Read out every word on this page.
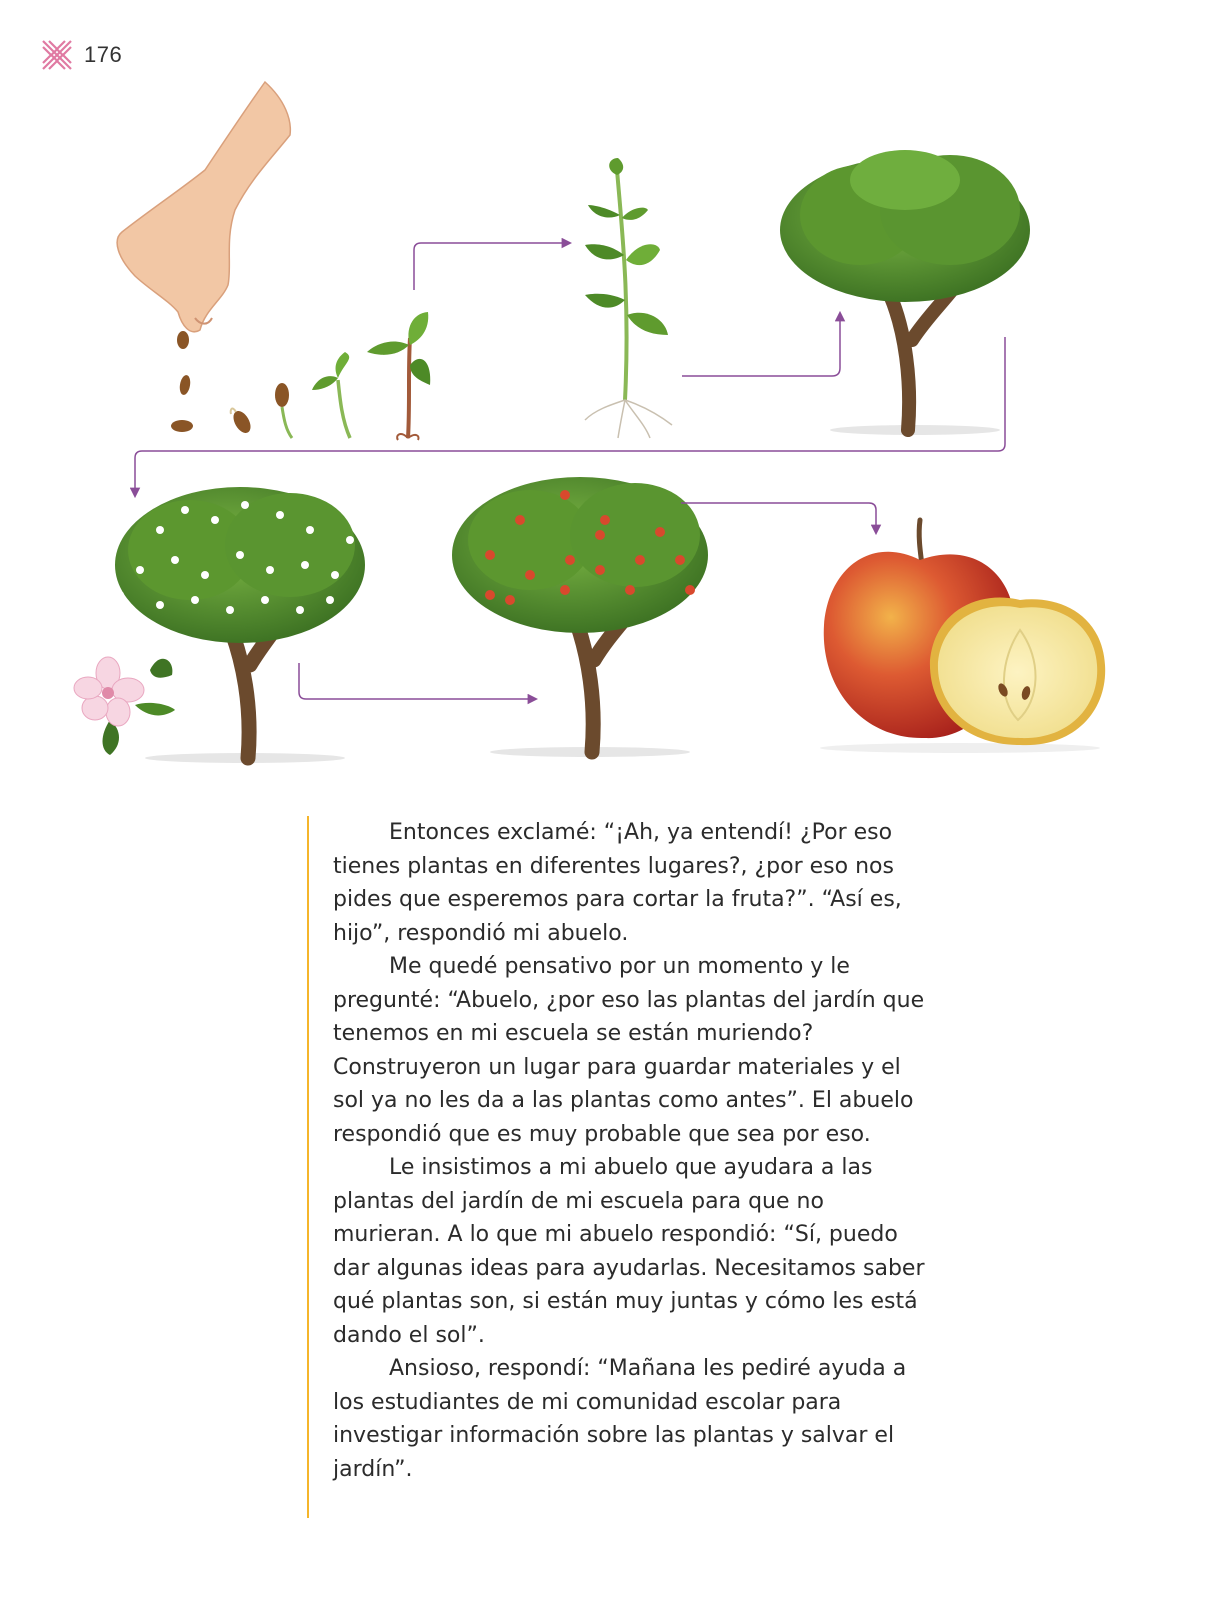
176

Entonces exclamé: “¡Ah, ya entendí! ¿Por eso tienes plantas en diferentes lugares?, ¿por eso nos pides que esperemos para cortar la fruta?”. “Así es, hijo”, respondió mi abuelo.

Me quedé pensativo por un momento y le pregunté: “Abuelo, ¿por eso las plantas del jardín que tenemos en mi escuela se están muriendo? Construyeron un lugar para guardar materiales y el sol ya no les da a las plantas como antes”. El abuelo respondió que es muy probable que sea por eso.

Le insistimos a mi abuelo que ayudara a las plantas del jardín de mi escuela para que no murieran. A lo que mi abuelo respondió: “Sí, puedo dar algunas ideas para ayudarlas. Necesitamos saber qué plantas son, si están muy juntas y cómo les está dando el sol”.

Ansioso, respondí: “Mañana les pediré ayuda a los estudiantes de mi comunidad escolar para investigar información sobre las plantas y salvar el jardín”.
